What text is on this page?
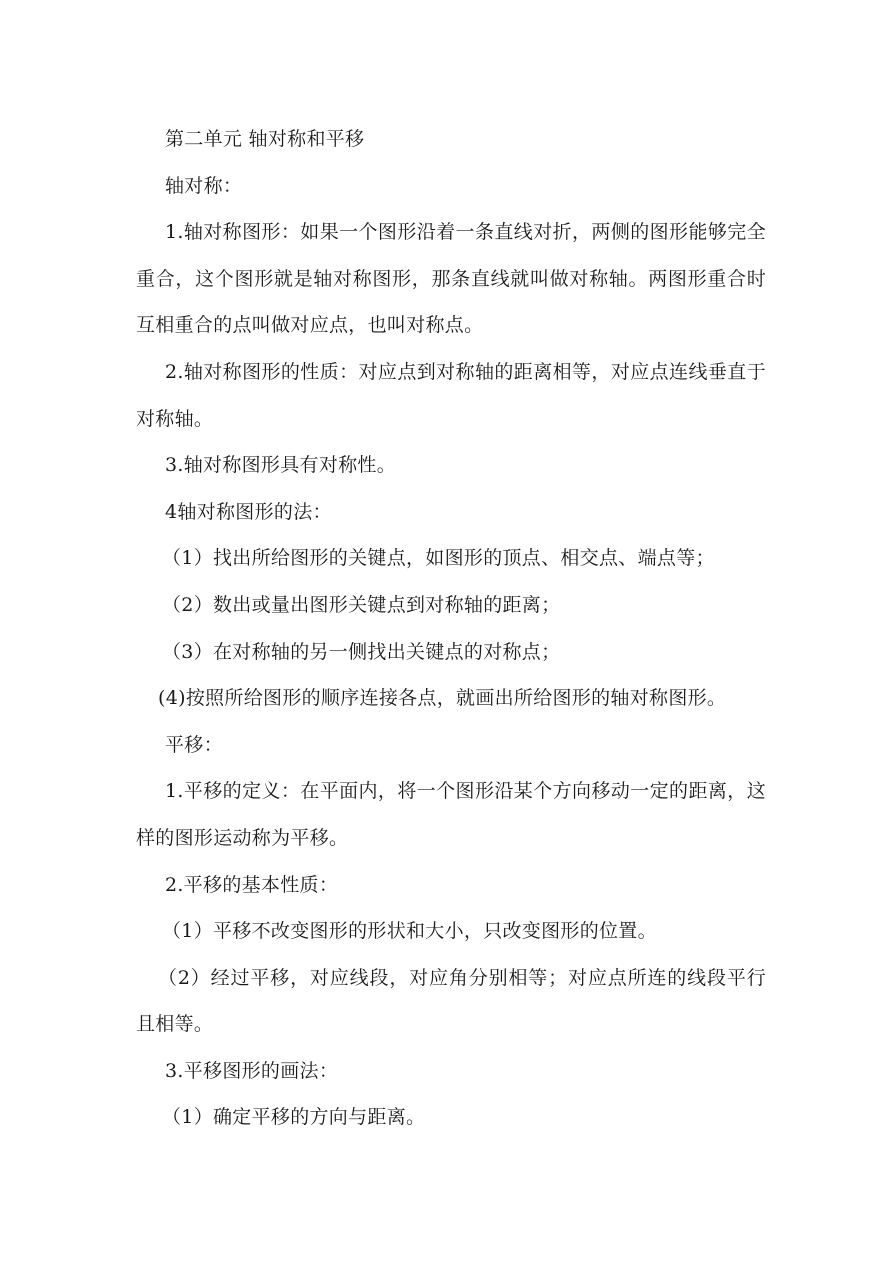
第二单元 轴对称和平移

轴对称：

1.轴对称图形：如果一个图形沿着一条直线对折，两侧的图形能够完全重合，这个图形就是轴对称图形，那条直线就叫做对称轴。两图形重合时互相重合的点叫做对应点，也叫对称点。

2.轴对称图形的性质：对应点到对称轴的距离相等，对应点连线垂直于对称轴。

3.轴对称图形具有对称性。

4轴对称图形的法：

（1）找出所给图形的关键点，如图形的顶点、相交点、端点等；

（2）数出或量出图形关键点到对称轴的距离；

（3）在对称轴的另一侧找出关键点的对称点；

(4)按照所给图形的顺序连接各点，就画出所给图形的轴对称图形。

平移：

1.平移的定义：在平面内，将一个图形沿某个方向移动一定的距离，这样的图形运动称为平移。

2.平移的基本性质：

（1）平移不改变图形的形状和大小，只改变图形的位置。

（2）经过平移，对应线段，对应角分别相等；对应点所连的线段平行且相等。

3.平移图形的画法：

（1）确定平移的方向与距离。
